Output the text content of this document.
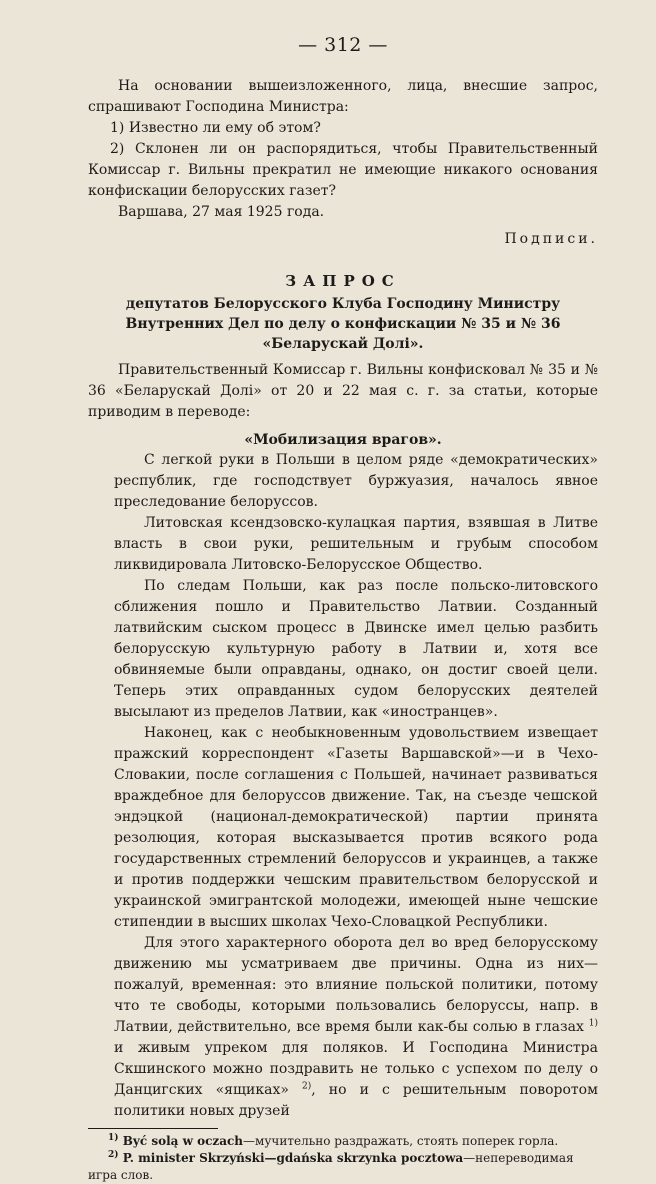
— 312 —

На основании вышеизложенного, лица, внесшие запрос, спрашивают Господина Министра:

1) Известно ли ему об этом?

2) Склонен ли он распорядиться, чтобы Правительственный Комиссар г. Вильны прекратил не имеющие никакого основания конфискации белорусских газет?

Варшава, 27 мая 1925 года.

Подписи.

ЗАПРОС
депутатов Белорусского Клуба Господину Министру Внутренних Дел по делу о конфискации № 35 и № 36 «Беларускай Долі».

Правительственный Комиссар г. Вильны конфисковал № 35 и № 36 «Беларускай Долі» от 20 и 22 мая с. г. за статьи, которые приводим в переводе:

«Мобилизация врагов».

С легкой руки в Польши в целом ряде «демократических» республик, где господствует буржуазия, началось явное преследование белоруссов.

Литовская ксендзовско-кулацкая партия, взявшая в Литве власть в свои руки, решительным и грубым способом ликвидировала Литовско-Белорусское Общество.

По следам Польши, как раз после польско-литовского сближения пошло и Правительство Латвии. Созданный латвийским сыском процесс в Двинске имел целью разбить белорусскую культурную работу в Латвии и, хотя все обвиняемые были оправданы, однако, он достиг своей цели. Теперь этих оправданных судом белорусских деятелей высылают из пределов Латвии, как «иностранцев».

Наконец, как с необыкновенным удовольствием извещает пражский корреспондент «Газеты Варшавской»—и в Чехо-Словакии, после соглашения с Польшей, начинает развиваться враждебное для белоруссов движение. Так, на съезде чешской эндэцкой (национал-демократической) партии принята резолюция, которая высказывается против всякого рода государственных стремлений белоруссов и украинцев, а также и против поддержки чешским правительством белорусской и украинской эмигрантской молодежи, имеющей ныне чешские стипендии в высших школах Чехо-Словацкой Республики.

Для этого характерного оборота дел во вред белорусскому движению мы усматриваем две причины. Одна из них—пожалуй, временная: это влияние польской политики, потому что те свободы, которыми пользовались белоруссы, напр. в Латвии, действительно, все время были как-бы солью в глазах $^{1)}$ и живым упреком для поляков. И Господина Министра Скшинского можно поздравить не только с успехом по делу о Данцигских «ящиках» $^{2)}$, но и с решительным поворотом политики новых друзей

$^{1)}$ Być solą w oczach—мучительно раздражать, стоять поперек горла.

$^{2)}$ P. minister Skrzyński—gdańska skrzynka pocztowa—непереводимая игра слов.
